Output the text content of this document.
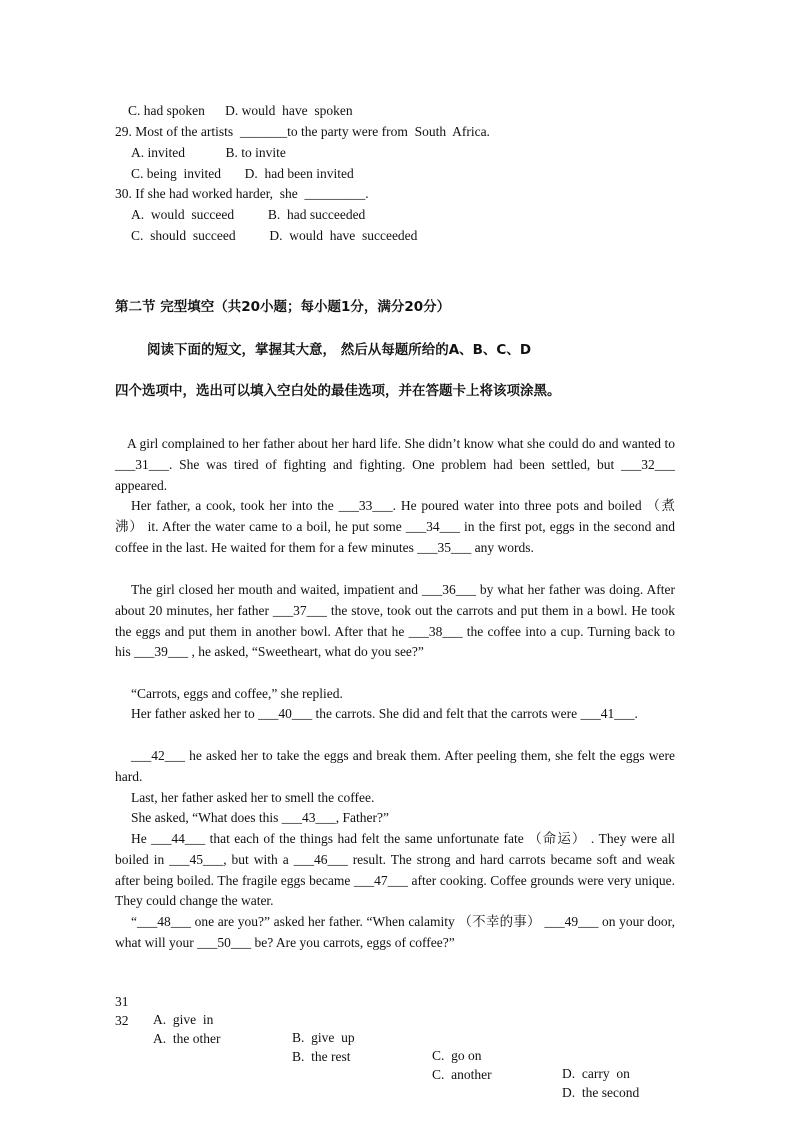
C. had spoken      D. would  have  spoken
29. Most of the artists  _______to the party were from  South  Africa.
A. invited            B. to invite
C. being  invited       D.  had been invited
30. If she had worked harder,  she  _________.
A.  would  succeed          B.  had succeeded
C.  should  succeed          D.  would  have  succeeded
第二节 完型填空（共20小题；每小题1分，满分20分）
阅读下面的短文，掌握其大意， 然后从每题所给的A、B、C、D
四个选项中，选出可以填入空白处的最佳选项，并在答题卡上将该项涂黑。
A girl complained to her father about her hard life. She didn’t know what she could do and wanted to ___31___. She was tired of fighting and fighting. One problem had been settled, but ___32___ appeared.
Her father, a cook, took her into the ___33___. He poured water into three pots and boiled （煮沸） it. After the water came to a boil, he put some ___34___ in the first pot, eggs in the second and coffee in the last. He waited for them for a few minutes ___35___ any words.
The girl closed her mouth and waited, impatient and ___36___ by what her father was doing. After about 20 minutes, her father ___37___ the stove, took out the carrots and put them in a bowl. He took the eggs and put them in another bowl. After that he ___38___ the coffee into a cup. Turning back to his ___39___ , he asked, “Sweetheart, what do you see?”
“Carrots, eggs and coffee,” she replied.
Her father asked her to ___40___ the carrots. She did and felt that the carrots were ___41___.
___42___ he asked her to take the eggs and break them. After peeling them, she felt the eggs were hard.
Last, her father asked her to smell the coffee.
She asked, “What does this ___43___, Father?”
He ___44___ that each of the things had felt the same unfortunate fate （命运） . They were all boiled in ___45___, but with a ___46___ result. The strong and hard carrots became soft and weak after being boiled. The fragile eggs became ___47___ after cooking. Coffee grounds were very unique. They could change the water.
“___48___ one are you?” asked her father. “When calamity （不幸的事） ___49___ on your door, what will your ___50___ be? Are you carrots, eggs of coffee?”

31

A.  give  in

B.  give  up

C.  go on

D.  carry  on

32

A.  the other

B.  the rest

C.  another

D.  the second
